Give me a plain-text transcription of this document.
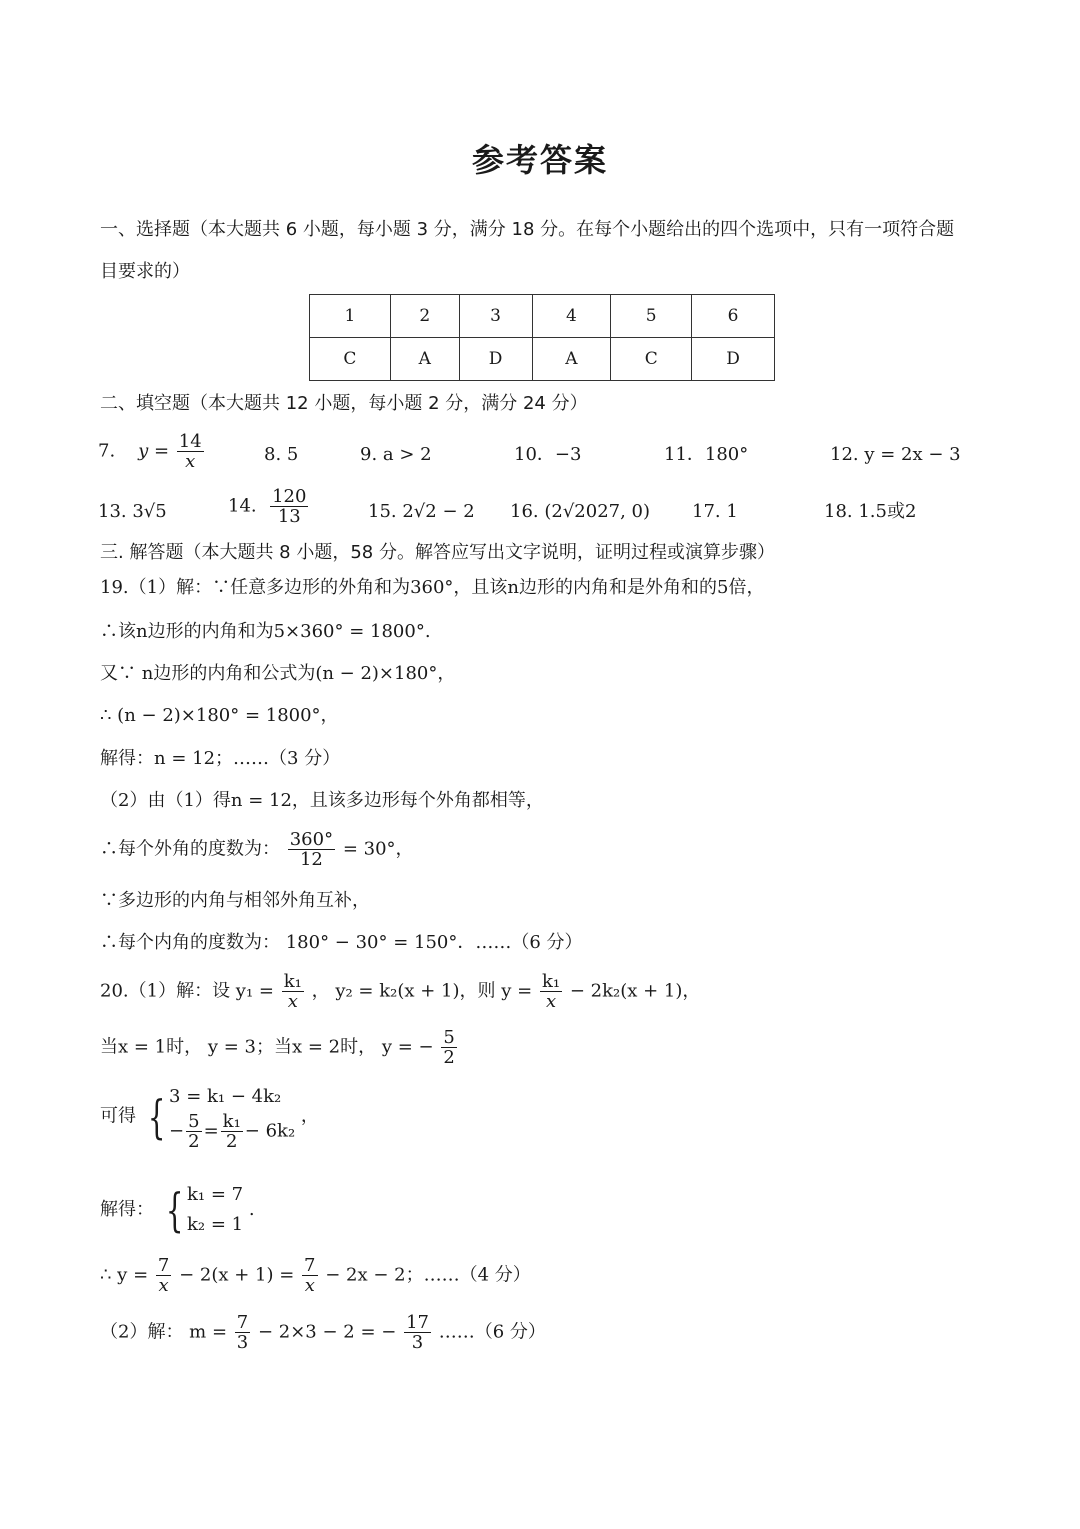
参考答案
一、选择题（本大题共 6 小题，每小题 3 分，满分 18 分。在每个小题给出的四个选项中，只有一项符合题
目要求的）
1	2	3	4	5	6
C	A	D	A	C	D
二、填空题（本大题共 12 小题，每小题 2 分，满分 24 分）
7. $y = \frac{14}{x}$	8. 5	9. a > 2	10．−3	11．180°	12. y = 2x − 3
13. 3√5	14. $\frac{120}{13}$	15. 2√2 − 2 16. (2√2027, 0) 17. 1	18. 1.5或2
三. 解答题（本大题共 8 小题，58 分。解答应写出文字说明，证明过程或演算步骤）
19.（1）解：∵任意多边形的外角和为360°，且该n边形的内角和是外角和的5倍，
∴该n边形的内角和为5×360° = 1800°.
又∵ n边形的内角和公式为(n − 2)×180°，
∴ (n − 2)×180° = 1800°，
解得：n = 12；……（3 分）
（2）由（1）得n = 12，且该多边形每个外角都相等，
∴每个外角的度数为： $\frac{360^\circ}{12} = 30^\circ$，
∵多边形的内角与相邻外角互补，
∴每个内角的度数为： 180° − 30° = 150°．……（6 分）
20.（1）解：设 $y_1 = \frac{\text{k₁}}{x}$ ， y₂ = k₂(x + 1)，则 $y = \frac{\text{k₁}}{x} - 2k_2(x + 1)$，
当x = 1时， y = 3；当x = 2时， y = − $\frac{5}{2}$
可得 { 3 = k₁ − 4k₂
− $\frac{5}{2} = \frac{\text{k₁}}{2} - 6k_2$
，
解得： { k₁ = 7
k₂ = 1
.
∴ $y = \frac{7}{x} - 2(x + 1) = \frac{7}{x} - 2x - 2$；……（4 分）
（2）解： $m = \frac{7}{3} - 2\times 3 - 2$ = − $\frac{17}{3}$ ……（6 分）
